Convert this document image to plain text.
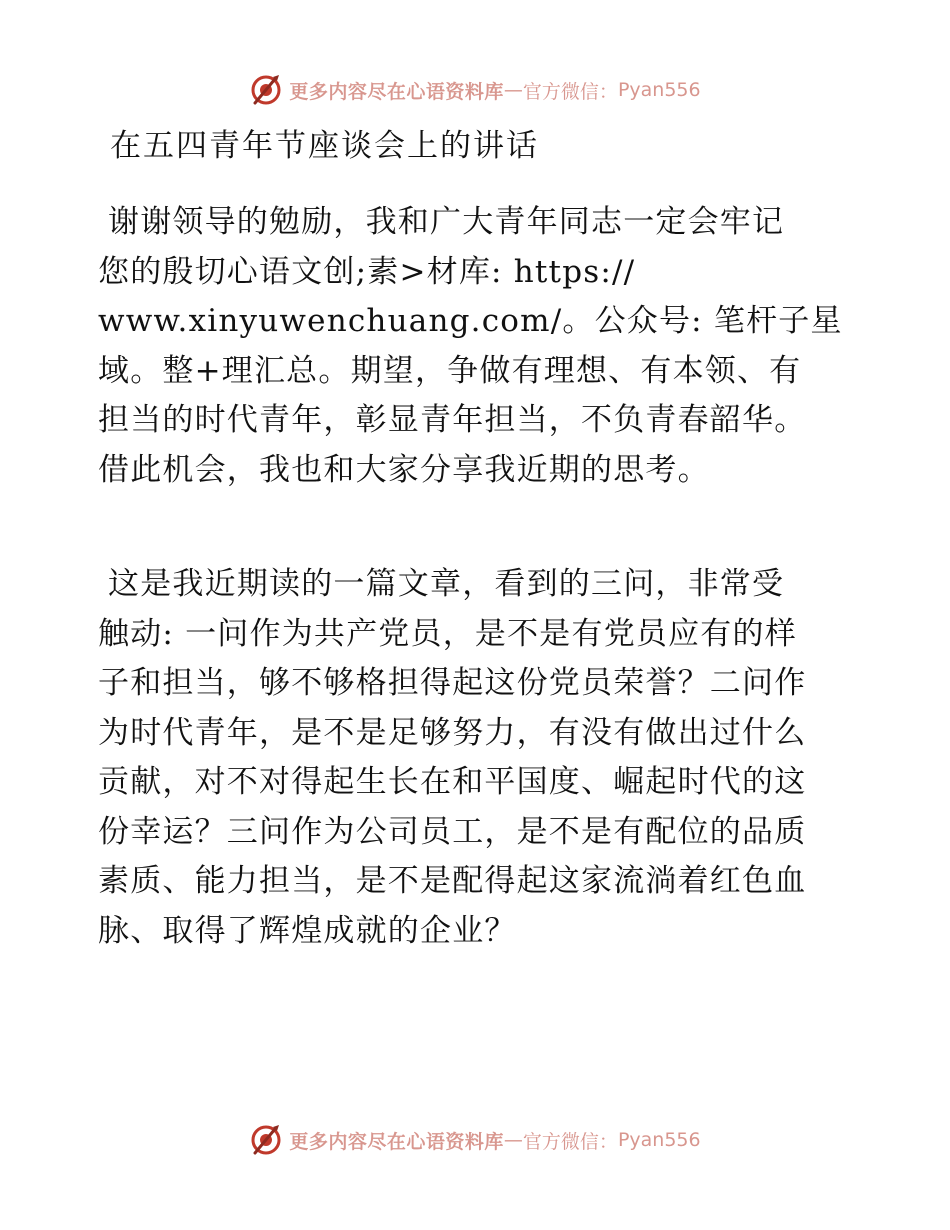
更多内容尽在心语资料库 — 官方微信： Pyan556
在五四青年节座谈会上的讲话
谢谢领导的勉励，我和广大青年同志一定会牢记
您的殷切心语文创;素>材库: https://
www.xinyuwenchuang.com/。公众号: 笔杆子星
域。整+理汇总。期望，争做有理想、有本领、有
担当的时代青年，彰显青年担当，不负青春韶华。
借此机会，我也和大家分享我近期的思考。
这是我近期读的一篇文章，看到的三问，非常受
触动: 一问作为共产党员，是不是有党员应有的样
子和担当，够不够格担得起这份党员荣誉？二问作
为时代青年，是不是足够努力，有没有做出过什么
贡献，对不对得起生长在和平国度、崛起时代的这
份幸运？三问作为公司员工，是不是有配位的品质
素质、能力担当，是不是配得起这家流淌着红色血
脉、取得了辉煌成就的企业？
更多内容尽在心语资料库 — 官方微信： Pyan556
